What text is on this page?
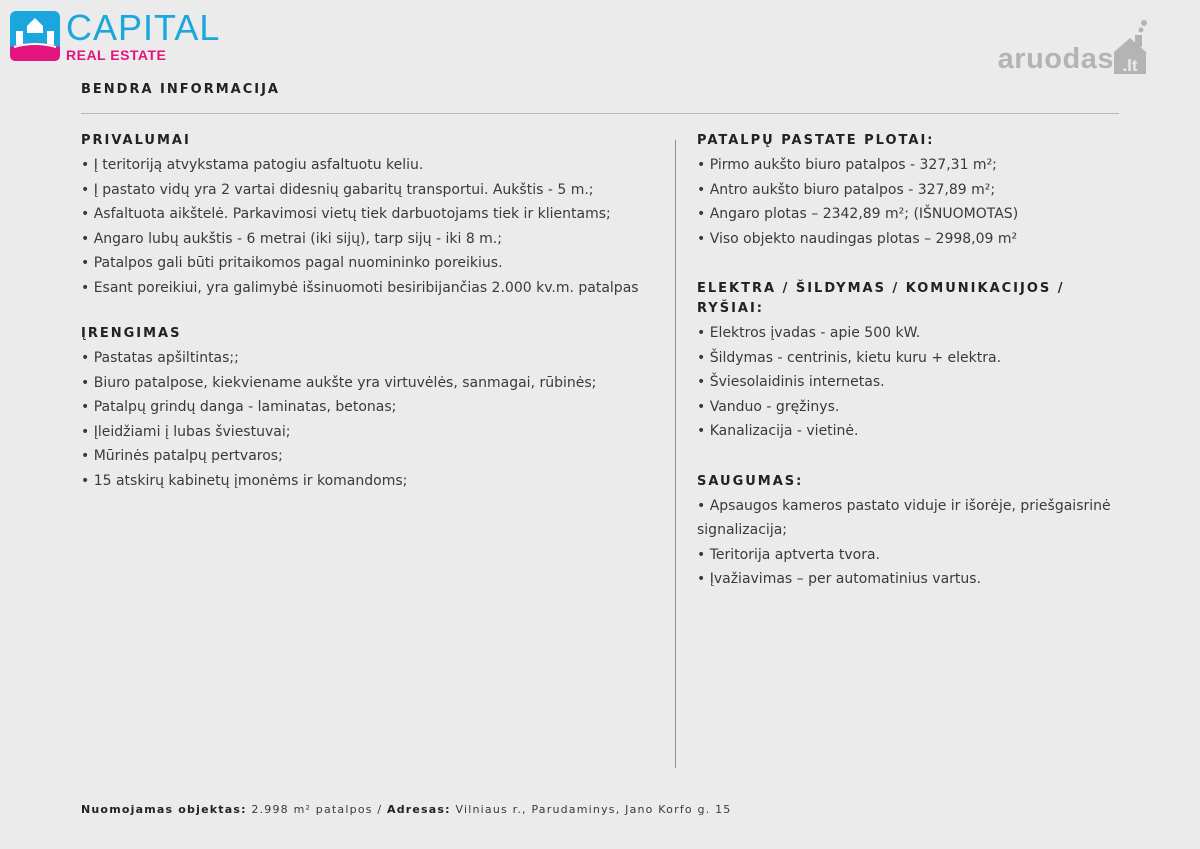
CAPITAL
REAL ESTATE	aruodas .lt
BENDRA INFORMACIJA
PRIVALUMAI
• Į teritoriją atvykstama patogiu asfaltuotu keliu.
• Į pastato vidų yra 2 vartai didesnių gabaritų transportui. Aukštis - 5 m.;
• Asfaltuota aikštelė. Parkavimosi vietų tiek darbuotojams tiek ir klientams;
• Angaro lubų aukštis - 6 metrai (iki sijų), tarp sijų - iki 8 m.;
• Patalpos gali būti pritaikomos pagal nuomininko poreikius.
• Esant poreikiui, yra galimybė išsinuomoti besiribijančias 2.000 kv.m. patalpas
ĮRENGIMAS
• Pastatas apšiltintas;;
• Biuro patalpose, kiekviename aukšte yra virtuvėlės, sanmagai, rūbinės;
• Patalpų grindų danga - laminatas, betonas;
• Įleidžiami į lubas šviestuvai;
• Mūrinės patalpų pertvaros;
• 15 atskirų kabinetų įmonėms ir komandoms;
PATALPŲ PASTATE PLOTAI:
• Pirmo aukšto biuro patalpos - 327,31 m²;
• Antro aukšto biuro patalpos - 327,89 m²;
• Angaro plotas – 2342,89 m²; (IŠNUOMOTAS)
• Viso objekto naudingas plotas – 2998,09 m²
ELEKTRA / ŠILDYMAS / KOMUNIKACIJOS / RYŠIAI:
• Elektros įvadas - apie 500 kW.
• Šildymas - centrinis, kietu kuru + elektra.
• Šviesolaidinis internetas.
• Vanduo - gręžinys.
• Kanalizacija - vietinė.
SAUGUMAS:
• Apsaugos kameros pastato viduje ir išorėje, priešgaisrinė
signalizacija;
• Teritorija aptverta tvora.
• Įvažiavimas – per automatinius vartus.
Nuomojamas objektas: 2.998 m² patalpos / Adresas: Vilniaus r., Parudaminys, Jano Korfo g. 15
